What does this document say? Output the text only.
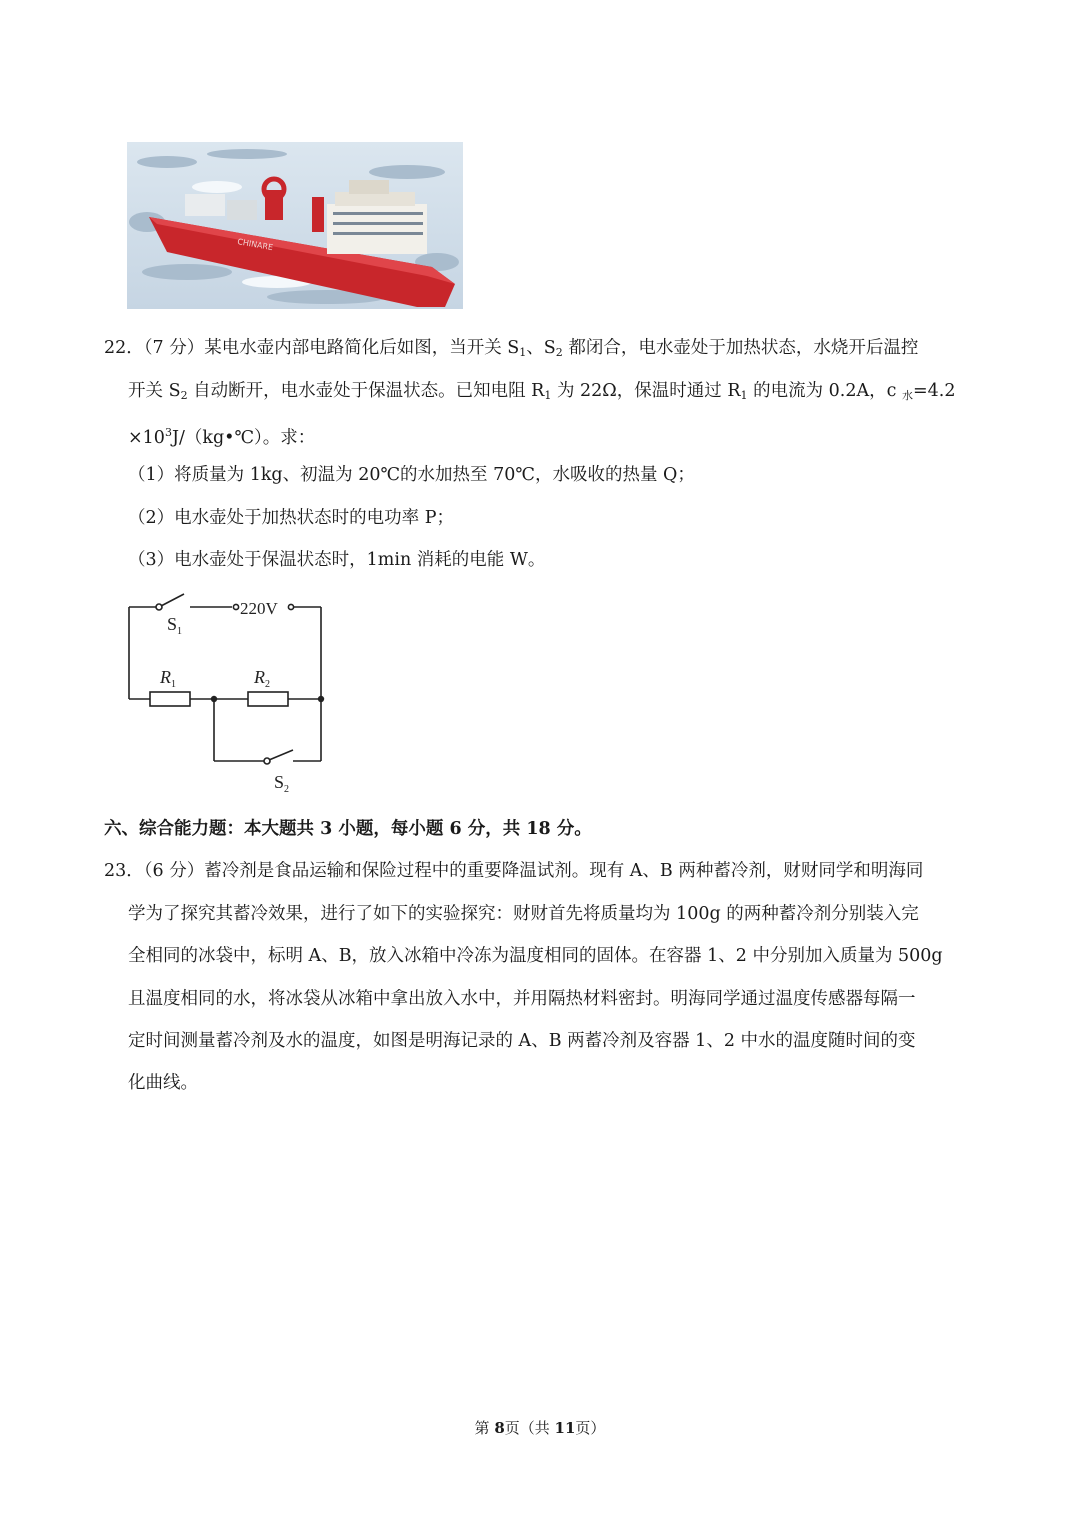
CHINARE
22．（7 分）某电水壶内部电路简化后如图，当开关 $S_1$、$S_2$ 都闭合，电水壶处于加热状态，水烧开后温控
开关 $S_2$ 自动断开，电水壶处于保温状态。已知电阻 $R_1$ 为 22Ω，保温时通过 $R_1$ 的电流为 0.2A，c $_水$=4.2
$\times 10^3J/(kg•℃)$。求：
（1）将质量为 1kg、初温为 20℃的水加热至 70℃，水吸收的热量 Q；
（2）电水壶处于加热状态时的电功率 P；
（3）电水壶处于保温状态时，1min 消耗的电能 W。
220V
$S_1$
$R_1$	$R_2$
$S_2$
六、综合能力题：本大题共 3 小题，每小题 6 分，共 18 分。
23．（6 分）蓄冷剂是食品运输和保险过程中的重要降温试剂。现有 A、B 两种蓄冷剂，财财同学和明海同
学为了探究其蓄冷效果，进行了如下的实验探究：财财首先将质量均为 100g 的两种蓄冷剂分别装入完
全相同的冰袋中，标明 A、B，放入冰箱中冷冻为温度相同的固体。在容器 1、2 中分别加入质量为 500g
且温度相同的水，将冰袋从冰箱中拿出放入水中，并用隔热材料密封。明海同学通过温度传感器每隔一
定时间测量蓄冷剂及水的温度，如图是明海记录的 A、B 两蓄冷剂及容器 1、2 中水的温度随时间的变
化曲线。
第 8页（共 11页）
